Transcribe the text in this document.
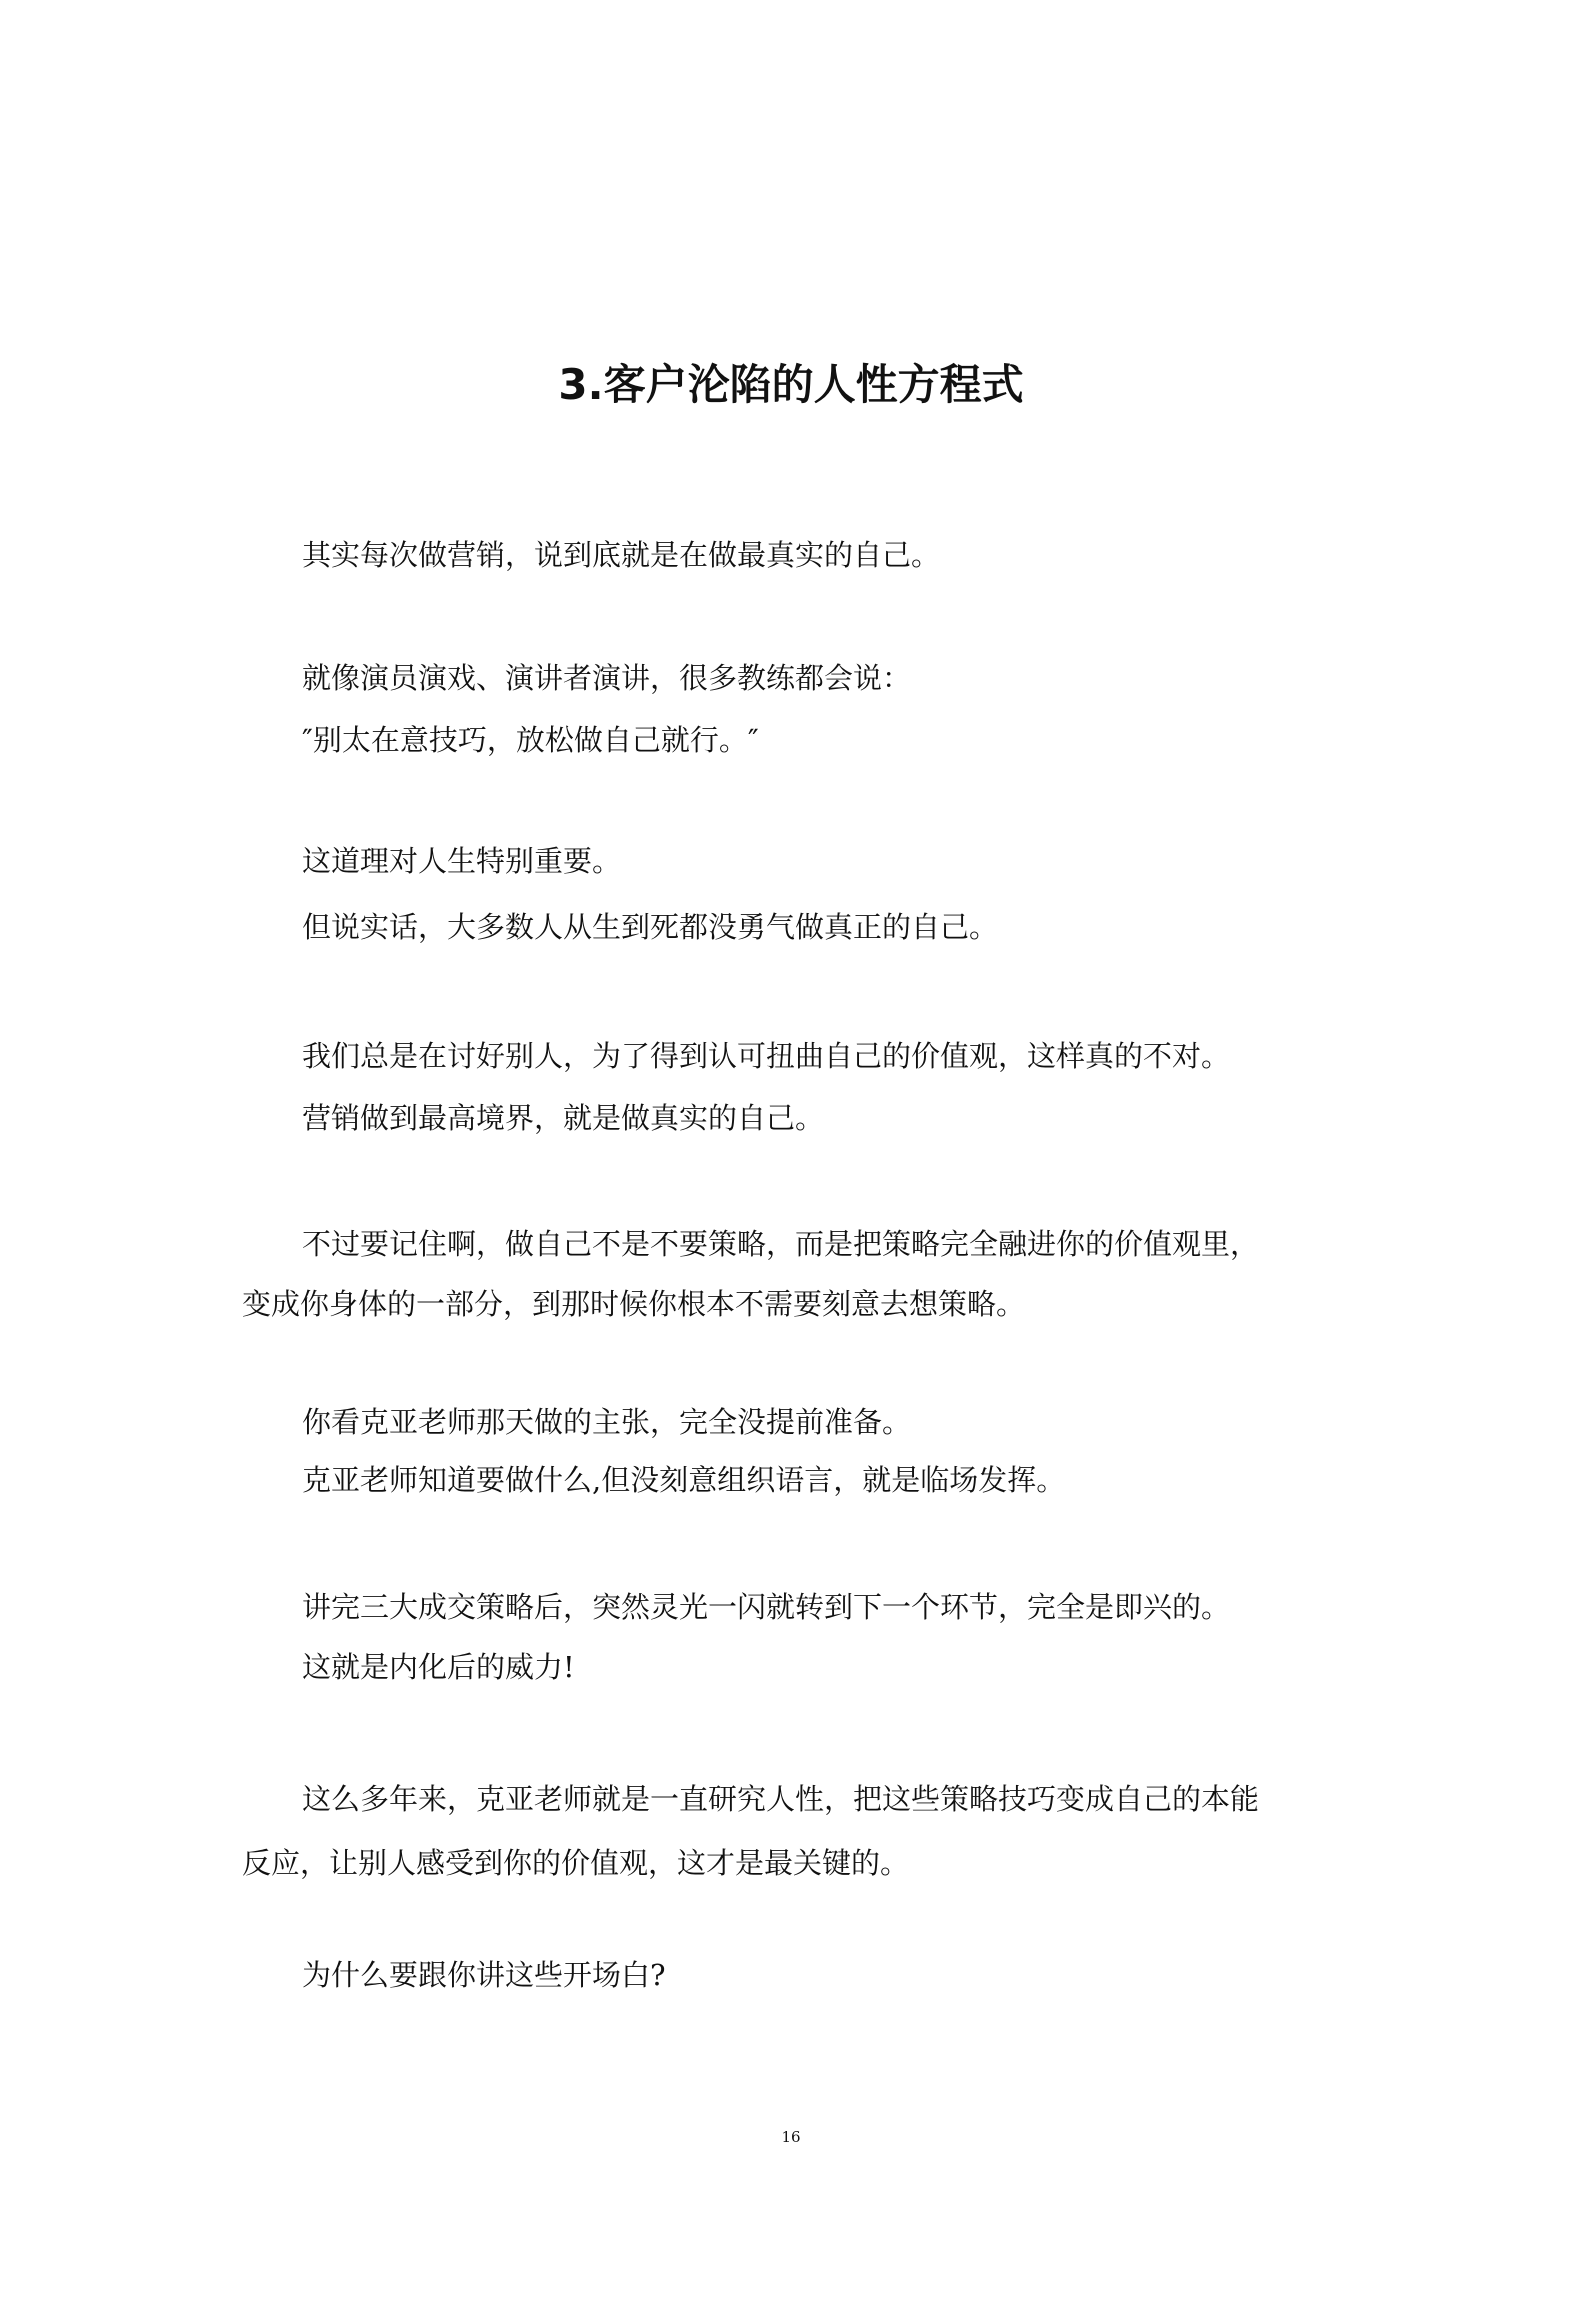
3.客户沦陷的人性方程式
其实每次做营销，说到底就是在做最真实的自己。
就像演员演戏、演讲者演讲，很多教练都会说：
″别太在意技巧，放松做自己就行。″
这道理对人生特别重要。
但说实话，大多数人从生到死都没勇气做真正的自己。
我们总是在讨好别人，为了得到认可扭曲自己的价值观，这样真的不对。
营销做到最高境界，就是做真实的自己。
不过要记住啊，做自己不是不要策略，而是把策略完全融进你的价值观里，
变成你身体的一部分，到那时候你根本不需要刻意去想策略。
你看克亚老师那天做的主张，完全没提前准备。
克亚老师知道要做什么,但没刻意组织语言，就是临场发挥。
讲完三大成交策略后，突然灵光一闪就转到下一个环节，完全是即兴的。
这就是内化后的威力!
这么多年来，克亚老师就是一直研究人性，把这些策略技巧变成自己的本能
反应，让别人感受到你的价值观，这才是最关键的。
为什么要跟你讲这些开场白?
16
